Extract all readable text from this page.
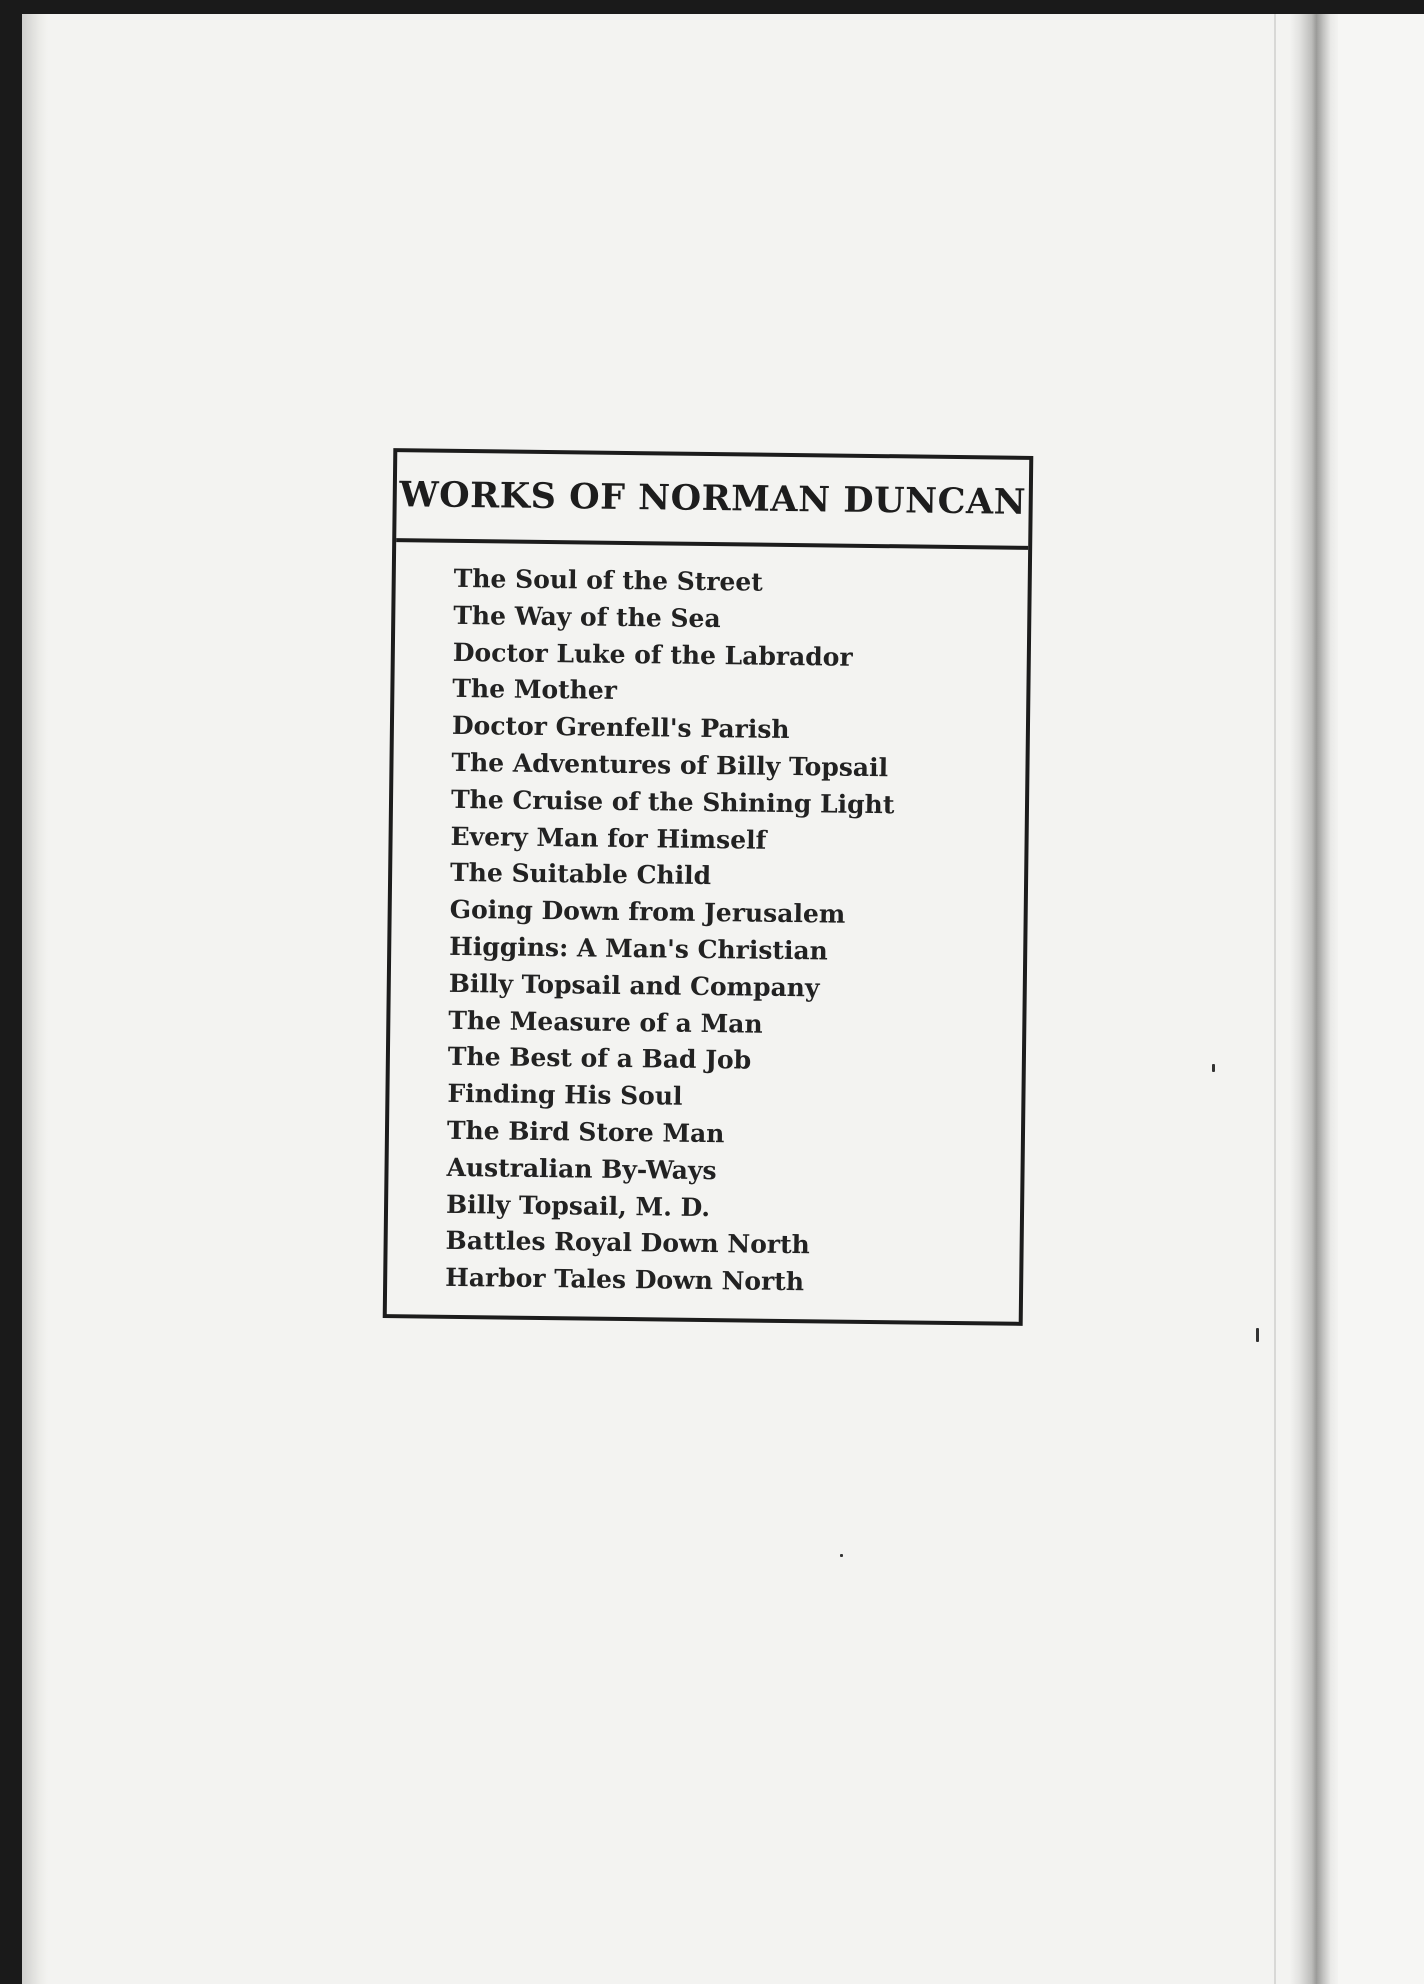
WORKS OF NORMAN DUNCAN
The Soul of the Street
The Way of the Sea
Doctor Luke of the Labrador
The Mother
Doctor Grenfell's Parish
The Adventures of Billy Topsail
The Cruise of the Shining Light
Every Man for Himself
The Suitable Child
Going Down from Jerusalem
Higgins: A Man's Christian
Billy Topsail and Company
The Measure of a Man
The Best of a Bad Job
Finding His Soul
The Bird Store Man
Australian By-Ways
Billy Topsail, M. D.
Battles Royal Down North
Harbor Tales Down North
